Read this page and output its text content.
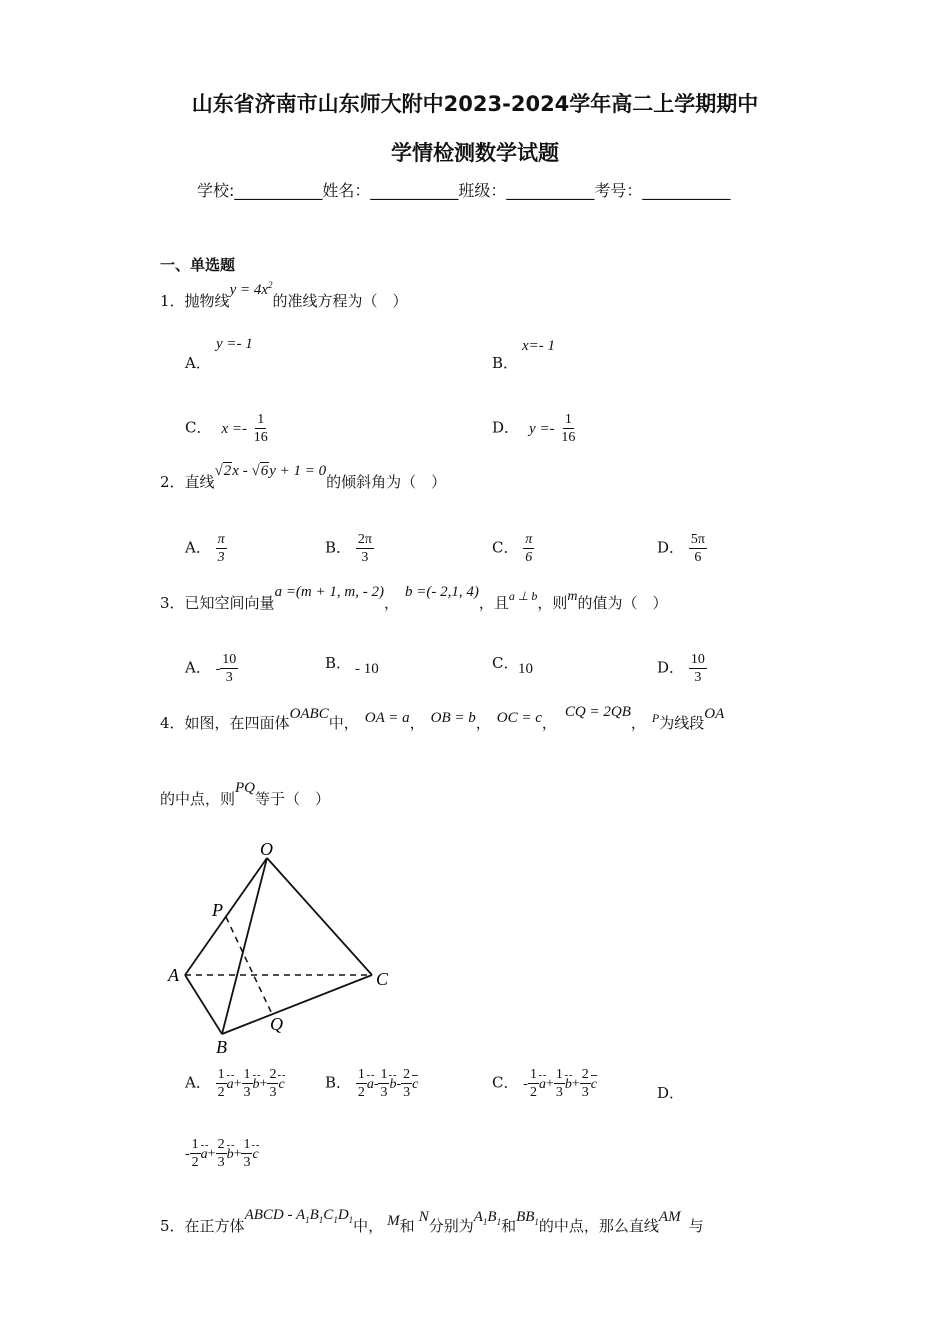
山东省济南市山东师大附中2023-2024学年高二上学期期中
学情检测数学试题
学校:___________姓名：___________班级：___________考号：___________
一、单选题
1．抛物线$y = 4x^2$的准线方程为（　）
A．
y =- 1
B．
x=- 1
C． $x =- \frac{1}{16}$	D． $y =- \frac{1}{16}$
2．直线√2x - √6y + 1 = 0的倾斜角为（　）
A． $\frac{\pi}{3}$	B． $\frac{2\pi}{3}$	C． $\frac{\pi}{6}$	D． $\frac{5\pi}{6}$
3．已知空间向量a =(m + 1, m, - 2)，b =(- 2,1, 4)，且$^{a \perp b}$，则m的值为（　）
A． - $\frac{10}{3}$	B． - 10	C． 10	D． $\frac{10}{3}$
4．如图，在四面体OABC中， OA = a， OB = b， OC = c，CQ = 2QB， $^P$为线段OA
的中点，则PQ等于（　）
O
P
A	C
Q
B
A． $\frac{1}{2} a+ \frac{1}{3} b+ \frac{2}{3}$ c	B． $\frac{1}{2} a- \frac{1}{3} b- \frac{2}{3}$ c	C． - $\frac{1}{2} a+ \frac{1}{3} b+ \frac{2}{3}$ c	D．
- $\frac{1}{2} a+ \frac{2}{3} b+ \frac{1}{3}$ c
5．在正方体ABCD - $A_1B_1C_1D_1$中， M和 N分别为$A_1B_1$和$BB_1$的中点，那么直线AM 与
